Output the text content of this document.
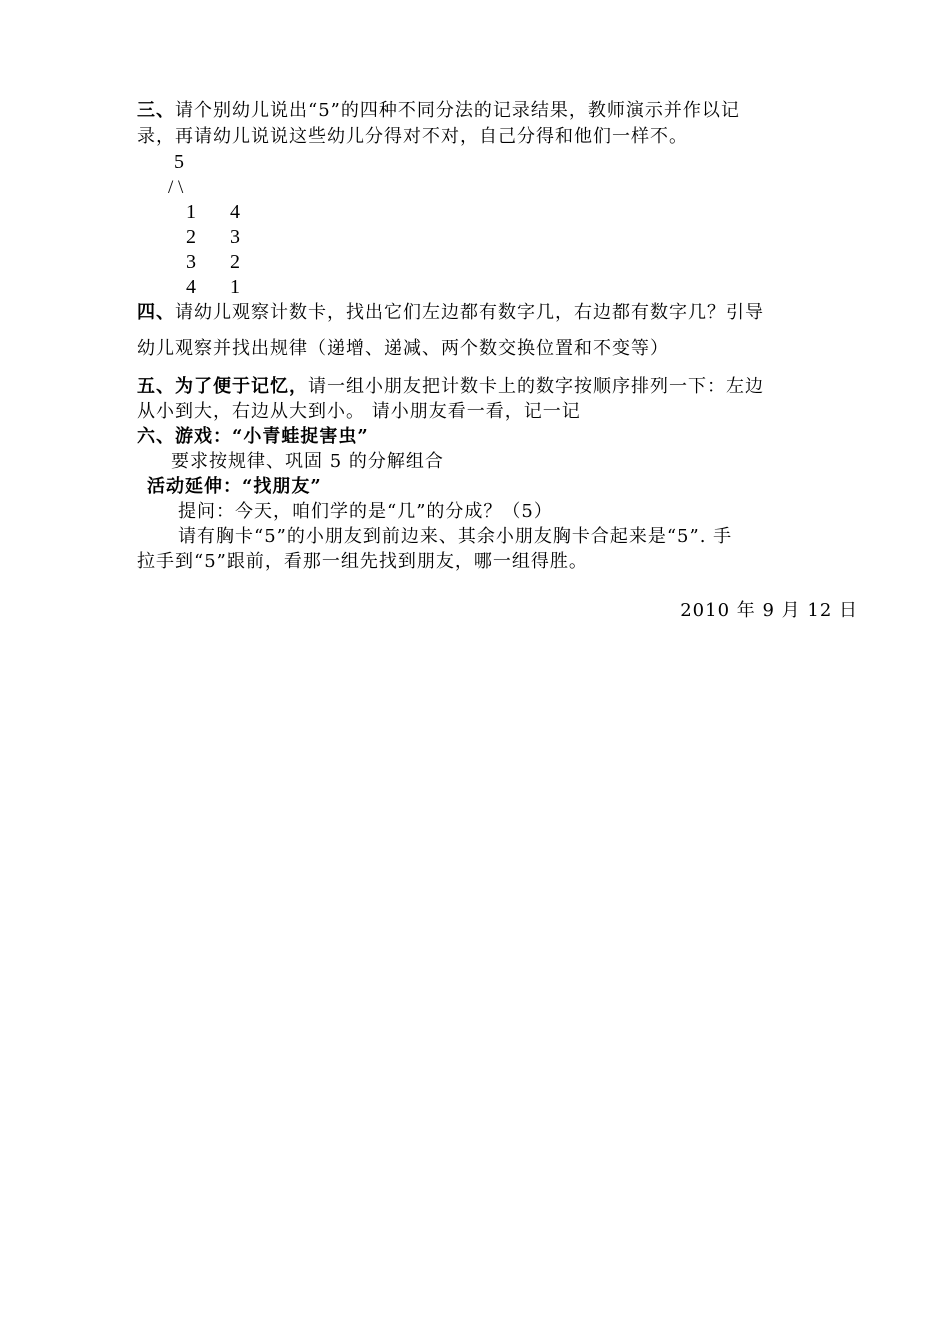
三、请个别幼儿说出“5”的四种不同分法的记录结果，教师演示并作以记
录，再请幼儿说说这些幼儿分得对不对，自己分得和他们一样不。
5
/ \
1 4
2 3
3 2
4 1
四、请幼儿观察计数卡，找出它们左边都有数字几，右边都有数字几？引导
幼儿观察并找出规律（递增、递减、两个数交换位置和不变等）
五、为了便于记忆，请一组小朋友把计数卡上的数字按顺序排列一下：左边
从小到大，右边从大到小。 请小朋友看一看，记一记
六、游戏：“小青蛙捉害虫”
要求按规律、巩固 5 的分解组合
活动延伸：“找朋友”
提问：今天，咱们学的是“几”的分成？（5）
请有胸卡“5”的小朋友到前边来、其余小朋友胸卡合起来是“5”. 手
拉手到“5”跟前，看那一组先找到朋友，哪一组得胜。
2010 年 9 月 12 日
